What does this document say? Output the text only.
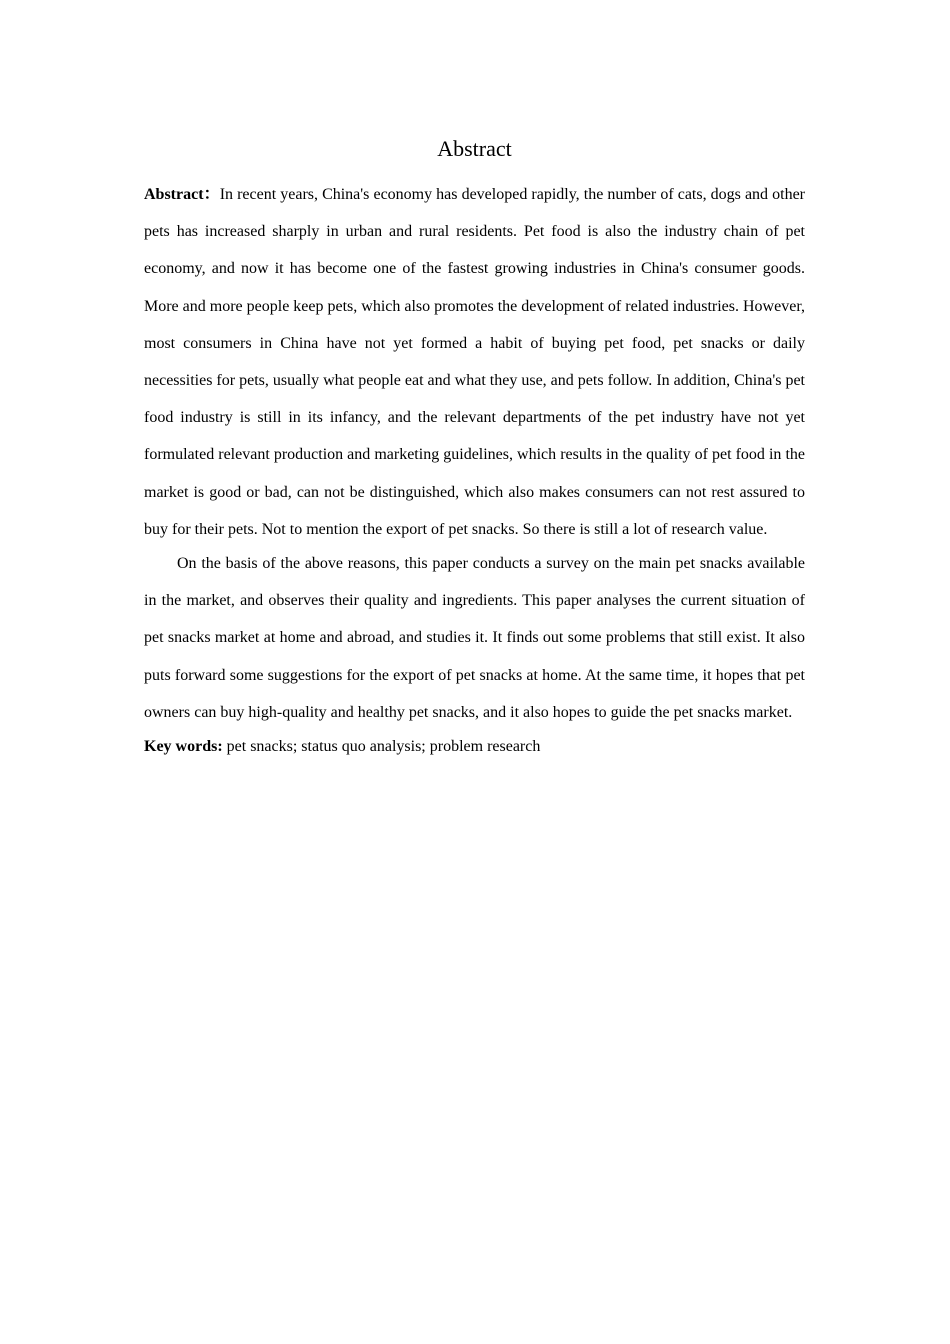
Abstract

Abstract：In recent years, China's economy has developed rapidly, the number of cats, dogs and other pets has increased sharply in urban and rural residents. Pet food is also the industry chain of pet economy, and now it has become one of the fastest growing industries in China's consumer goods. More and more people keep pets, which also promotes the development of related industries. However, most consumers in China have not yet formed a habit of buying pet food, pet snacks or daily necessities for pets, usually what people eat and what they use, and pets follow. In addition, China's pet food industry is still in its infancy, and the relevant departments of the pet industry have not yet formulated relevant production and marketing guidelines, which results in the quality of pet food in the market is good or bad, can not be distinguished, which also makes consumers can not rest assured to buy for their pets. Not to mention the export of pet snacks. So there is still a lot of research value.

On the basis of the above reasons, this paper conducts a survey on the main pet snacks available in the market, and observes their quality and ingredients. This paper analyses the current situation of pet snacks market at home and abroad, and studies it. It finds out some problems that still exist. It also puts forward some suggestions for the export of pet snacks at home. At the same time, it hopes that pet owners can buy high-quality and healthy pet snacks, and it also hopes to guide the pet snacks market.

Key words: pet snacks; status quo analysis; problem research
